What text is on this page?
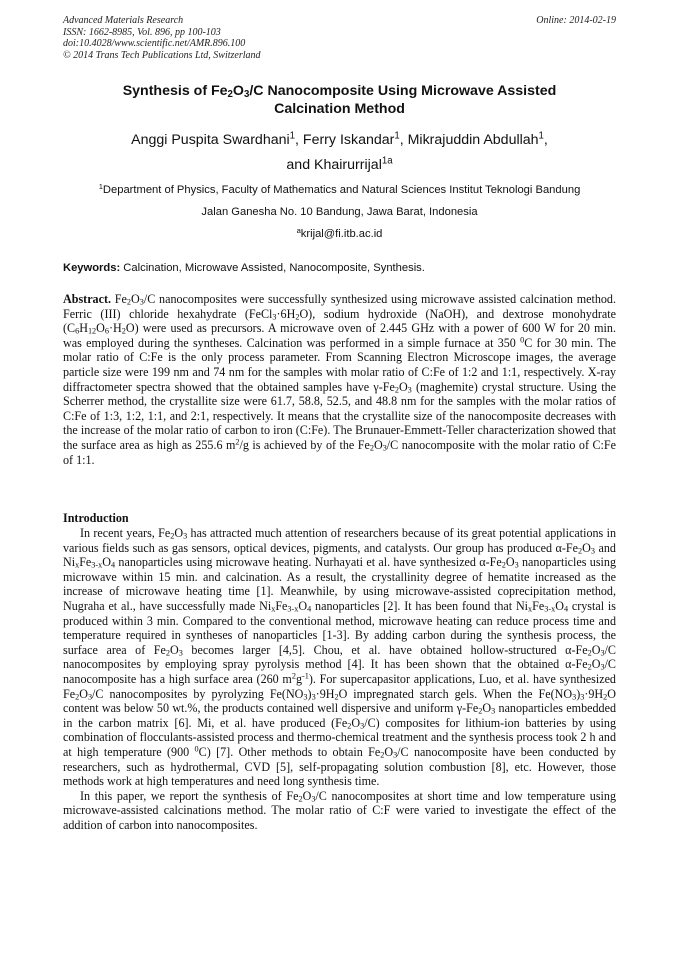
Advanced Materials Research
ISSN: 1662-8985, Vol. 896, pp 100-103
doi:10.4028/www.scientific.net/AMR.896.100
© 2014 Trans Tech Publications Ltd, Switzerland
Online: 2014-02-19
Synthesis of $Fe_2O_3/C$ Nanocomposite Using Microwave Assisted
Calcination Method
Anggi Puspita Swardhani$^1$, Ferry Iskandar$^1$, Mikrajuddin Abdullah$^1$,
and Khairurrijal$^{1a}$
$^1$Department of Physics, Faculty of Mathematics and Natural Sciences Institut Teknologi Bandung
Jalan Ganesha No. 10 Bandung, Jawa Barat, Indonesia
$^a$krijal@fi.itb.ac.id
Keywords: Calcination, Microwave Assisted, Nanocomposite, Synthesis.
Abstract. $Fe_2O_3/C$ nanocomposites were successfully synthesized using microwave assisted calcination method. Ferric (III) chloride hexahydrate $(FeCl_3\cdot 6H_2O)$, sodium hydroxide (NaOH), and dextrose monohydrate $(C_6H_{12}O_6\cdot H_2O)$ were used as precursors. A microwave oven of 2.445 GHz with a power of 600 W for 20 min. was employed during the syntheses. Calcination was performed in a simple furnace at 350 $^0$C for 30 min. The molar ratio of C:Fe is the only process parameter. From Scanning Electron Microscope images, the average particle size were 199 nm and 74 nm for the samples with molar ratio of C:Fe of 1:2 and 1:1, respectively. X-ray diffractometer spectra showed that the obtained samples have $\gamma-Fe_2O_3$ (maghemite) crystal structure. Using the Scherrer method, the crystallite size were 61.7, 58.8, 52.5, and 48.8 nm for the samples with the molar ratios of C:Fe of 1:3, 1:2, 1:1, and 2:1, respectively. It means that the crystallite size of the nanocomposite decreases with the increase of the molar ratio of carbon to iron (C:Fe). The Brunauer-Emmett-Teller characterization showed that the surface area as high as 255.6 $m^2/g$ is achieved by of the $Fe_2O_3/C$ nanocomposite with the molar ratio of C:Fe of 1:1.
Introduction

In recent years, $Fe_2O_3$ has attracted much attention of researchers because of its great potential applications in various fields such as gas sensors, optical devices, pigments, and catalysts. Our group has produced $\alpha-Fe_2O_3$ and $Ni_xFe_{3-x}O_4$ nanoparticles using microwave heating. Nurhayati et al. have synthesized $\alpha-Fe_2O_3$ nanoparticles using microwave within 15 min. and calcination. As a result, the crystallinity degree of hematite increased as the increase of microwave heating time [1]. Meanwhile, by using microwave-assisted coprecipitation method, Nugraha et al., have successfully made $Ni_xFe_{3-x}O_4$ nanoparticles [2]. It has been found that $Ni_xFe_{3-x}O_4$ crystal is produced within 3 min. Compared to the conventional method, microwave heating can reduce process time and temperature required in syntheses of nanoparticles [1-3]. By adding carbon during the synthesis process, the surface area of $Fe_2O_3$ becomes larger [4,5]. Chou, et al. have obtained hollow-structured $\alpha-Fe_2O_3/C$ nanocomposites by employing spray pyrolysis method [4]. It has been shown that the obtained $\alpha-Fe_2O_3/C$ nanocomposite has a high surface area (260 $m^2g^{-1}$). For supercapasitor applications, Luo, et al. have synthesized $Fe_2O_3/C$ nanocomposites by pyrolyzing $Fe(NO_3)_3\cdot 9H_2O$ impregnated starch gels. When the $Fe(NO_3)_3\cdot 9H_2O$ content was below 50 wt.%, the products contained well dispersive and uniform $\gamma-Fe_2O_3$ nanoparticles embedded in the carbon matrix [6]. Mi, et al. have produced $(Fe_2O_3/C)$ composites for lithium-ion batteries by using combination of flocculants-assisted process and thermo-chemical treatment and the synthesis process took 2 h and at high temperature (900 $^0$C) [7]. Other methods to obtain $Fe_2O_3/C$ nanocomposite have been conducted by researchers, such as hydrothermal, CVD [5], self-propagating solution combustion [8], etc. However, those methods work at high temperatures and need long synthesis time.

In this paper, we report the synthesis of $Fe_2O_3/C$ nanocomposites at short time and low temperature using microwave-assisted calcinations method. The molar ratio of C:F were varied to investigate the effect of the addition of carbon into nanocomposites.
